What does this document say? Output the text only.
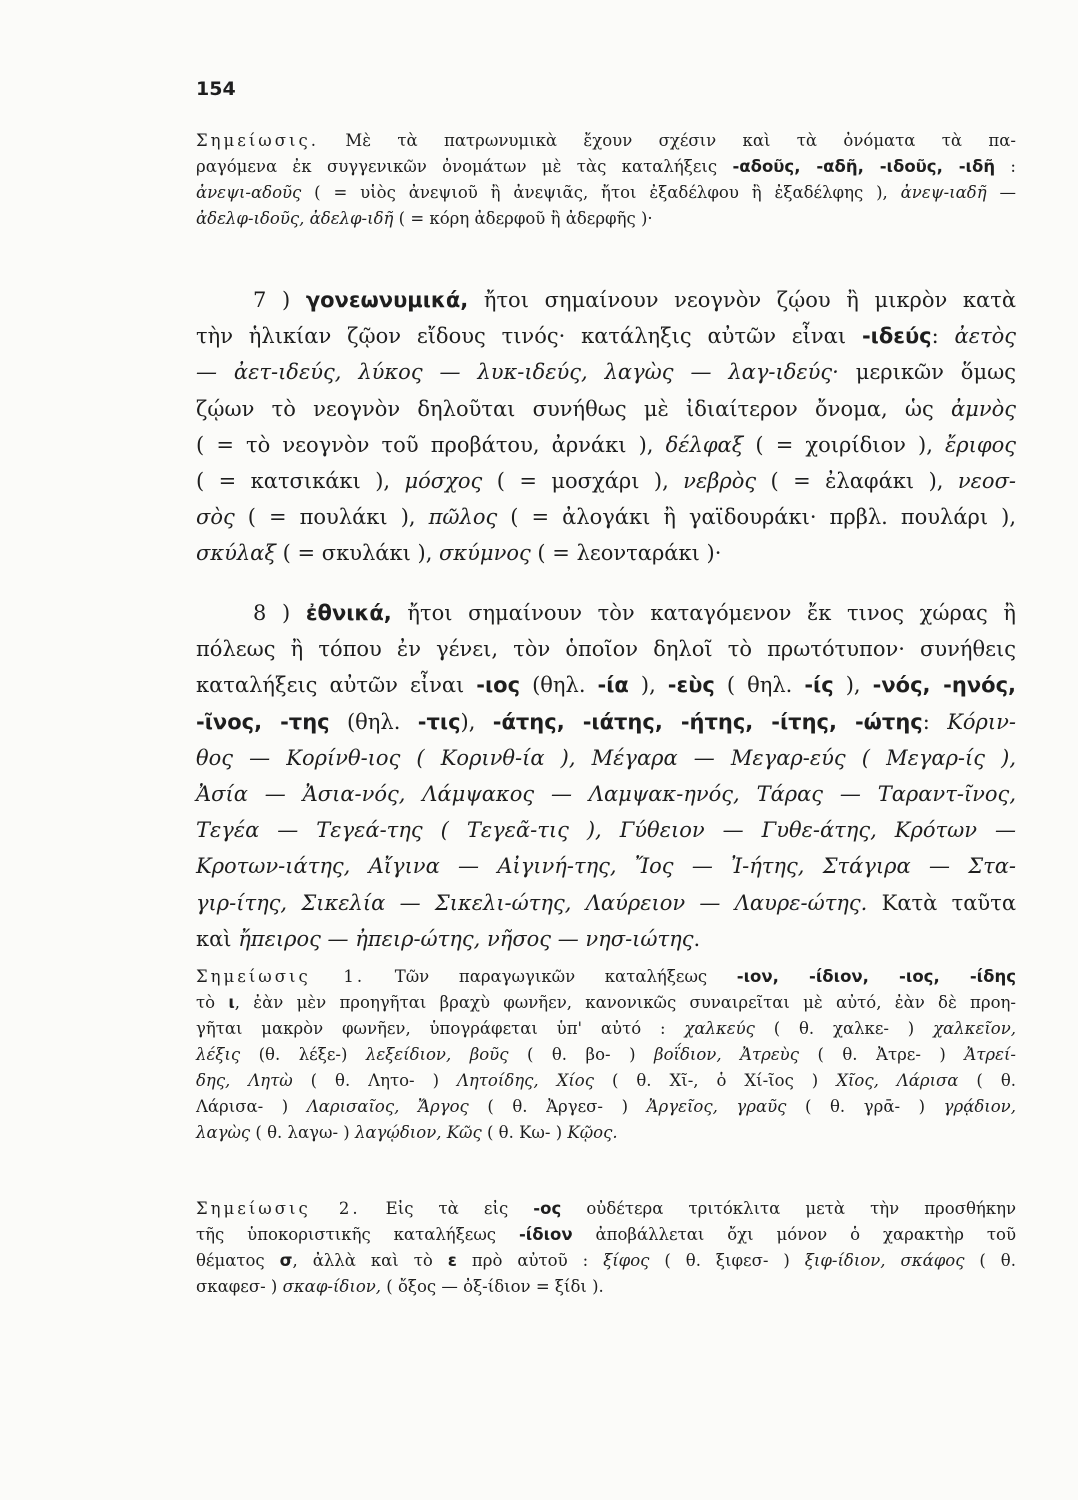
154
Σημείωσις. Μὲ τὰ πατρωνυμικὰ ἔχουν σχέσιν καὶ τὰ ὀνόματα τὰ πα-
ραγόμενα ἐκ συγγενικῶν ὀνομάτων μὲ τὰς καταλήξεις -αδοῦς, -αδῆ, -ιδοῦς, -ιδῆ :
ἀνεψι-αδοῦς ( = υἱὸς ἀνεψιοῦ ἢ ἀνεψιᾶς, ἤτοι ἐξαδέλφου ἢ ἐξαδέλφης ), ἀνεψ-ιαδῆ —
ἀδελφ-ιδοῦς, ἀδελφ-ιδῆ ( = κόρη ἀδερφοῦ ἢ ἀδερφῆς )·
7 ) γονεωνυμικά, ἤτοι σημαίνουν νεογνὸν ζῴου ἢ μικρὸν κατὰ
τὴν ἡλικίαν ζῷον εἴδους τινός· κατάληξις αὐτῶν εἶναι -ιδεύς: ἀετὸς
— ἀετ-ιδεύς, λύκος — λυκ-ιδεύς, λαγὼς — λαγ-ιδεύς· μερικῶν ὅμως
ζῴων τὸ νεογνὸν δηλοῦται συνήθως μὲ ἰδιαίτερον ὄνομα, ὡς ἀμνὸς
( = τὸ νεογνὸν τοῦ προβάτου, ἀρνάκι ), δέλφαξ ( = χοιρίδιον ), ἔριφος
( = κατσικάκι ), μόσχος ( = μοσχάρι ), νεβρὸς ( = ἐλαφάκι ), νεοσ-
σὸς ( = πουλάκι ), πῶλος ( = ἀλογάκι ἢ γαϊδουράκι· πρβλ. πουλάρι ),
σκύλαξ ( = σκυλάκι ), σκύμνος ( = λεονταράκι )·
8 ) ἐθνικά, ἤτοι σημαίνουν τὸν καταγόμενον ἔκ τινος χώρας ἢ
πόλεως ἢ τόπου ἐν γένει, τὸν ὁποῖον δηλοῖ τὸ πρωτότυπον· συνήθεις
καταλήξεις αὐτῶν εἶναι -ιος (θηλ. -ία ), -εὺς ( θηλ. -ίς ), -νός, -ηνός,
-ῖνος, -της (θηλ. -τις), -άτης, -ιάτης, -ήτης, -ίτης, -ώτης: Κόριν-
θος — Κορίνθ-ιος ( Κορινθ-ία ), Μέγαρα — Μεγαρ-εύς ( Μεγαρ-ίς ),
Ἀσία — Ἀσια-νός, Λάμψακος — Λαμψακ-ηνός, Τάρας — Ταραντ-ῖνος,
Τεγέα — Τεγεά-της ( Τεγεᾶ-τις ), Γύθειον — Γυθε-άτης, Κρότων —
Κροτων-ιάτης, Αἴγινα — Αἰγινή-της, Ἴος — Ἰ-ήτης, Στάγιρα — Στα-
γιρ-ίτης, Σικελία — Σικελι-ώτης, Λαύρειον — Λαυρε-ώτης. Κατὰ ταῦτα
καὶ ἤπειρος — ἠπειρ-ώτης, νῆσος — νησ-ιώτης.
Σημείωσις 1. Τῶν παραγωγικῶν καταλήξεως -ιον, -ίδιον, -ιος, -ίδης
τὸ ι, ἐὰν μὲν προηγῆται βραχὺ φωνῆεν, κανονικῶς συναιρεῖται μὲ αὐτό, ἐὰν δὲ προη-
γῆται μακρὸν φωνῆεν, ὑπογράφεται ὑπ' αὐτό : χαλκεύς ( θ. χαλκε- ) χαλκεῖον,
λέξις (θ. λέξε-) λεξείδιον, βοῦς ( θ. βο- ) βοΐδιον, Ἀτρεὺς ( θ. Ἀτρε- ) Ἀτρεί-
δης, Λητὼ ( θ. Λητο- ) Λητοίδης, Χίος ( θ. Χῖ-, ὁ Χί-ῖος ) Χῖος, Λάρισα ( θ.
Λάρισα- ) Λαρισαῖος, Ἄργος ( θ. Ἀργεσ- ) Ἀργεῖος, γραῦς ( θ. γρᾱ- ) γρᾴδιον,
λαγὼς ( θ. λαγω- ) λαγῴδιον, Κῶς ( θ. Κω- ) Κῷος.
Σημείωσις 2. Εἰς τὰ εἰς -ος οὐδέτερα τριτόκλιτα μετὰ τὴν προσθήκην
τῆς ὑποκοριστικῆς καταλήξεως -ίδιον ἀποβάλλεται ὄχι μόνον ὁ χαρακτὴρ τοῦ
θέματος σ, ἀλλὰ καὶ τὸ ε πρὸ αὐτοῦ : ξίφος ( θ. ξιφεσ- ) ξιφ-ίδιον, σκάφος ( θ.
σκαφεσ- ) σκαφ-ίδιον, ( ὄξος — ὀξ-ίδιον = ξίδι ).
